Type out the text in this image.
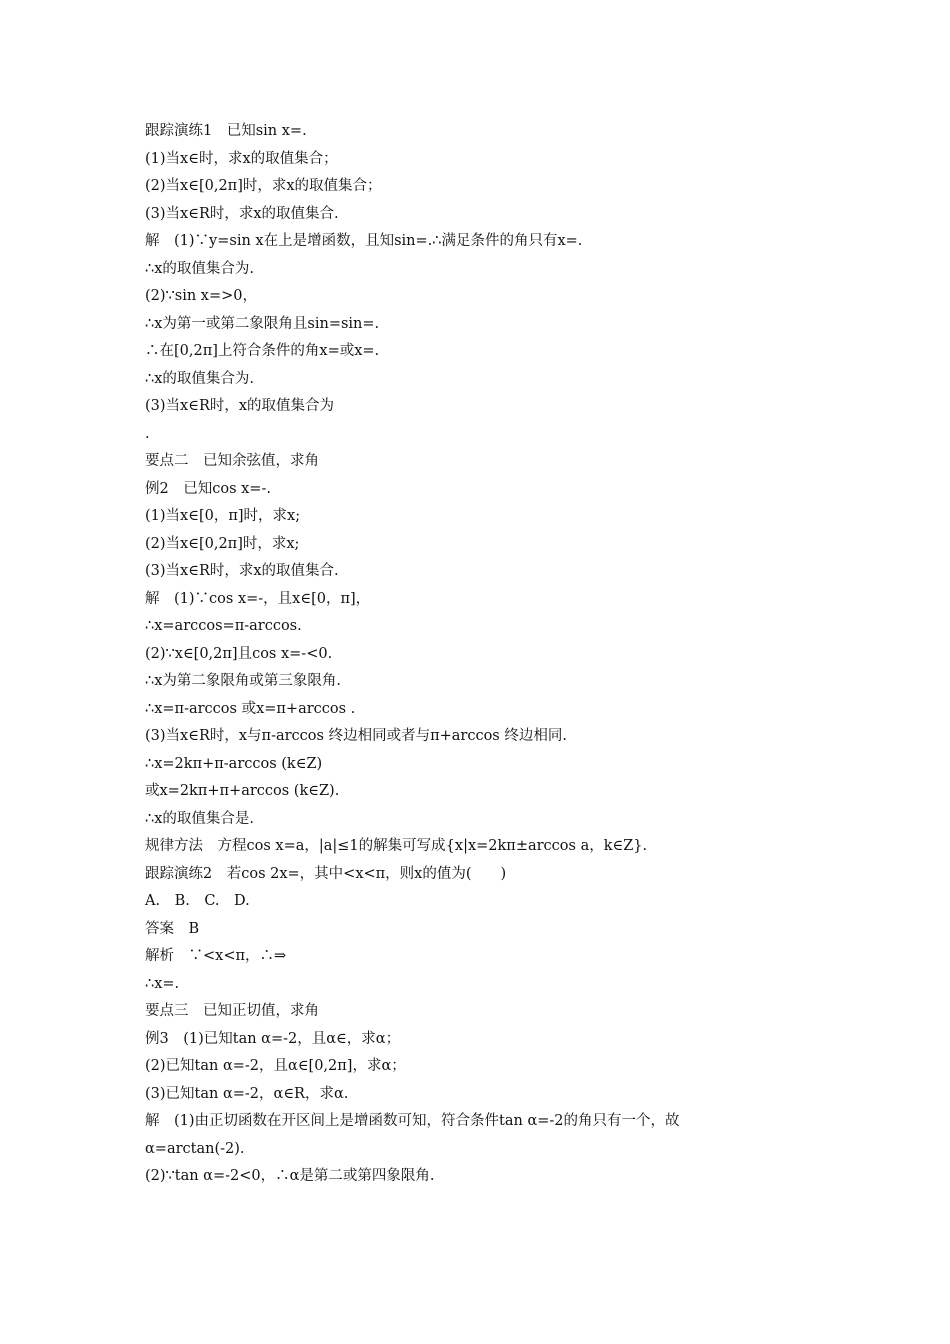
跟踪演练1　已知sin x=.
(1)当x∈时，求x的取值集合；
(2)当x∈[0,2π]时，求x的取值集合；
(3)当x∈R时，求x的取值集合.
解　(1)∵y=sin x在上是增函数，且知sin=.∴满足条件的角只有x=.
∴x的取值集合为.
(2)∵sin x=>0，
∴x为第一或第二象限角且sin=sin=.
∴在[0,2π]上符合条件的角x=或x=.
∴x的取值集合为.
(3)当x∈R时，x的取值集合为
.
要点二　已知余弦值，求角
例2　已知cos x=-.
(1)当x∈[0，π]时，求x;
(2)当x∈[0,2π]时，求x;
(3)当x∈R时，求x的取值集合.
解　(1)∵cos x=-，且x∈[0，π]，
∴x=arccos=π-arccos.
(2)∵x∈[0,2π]且cos x=-<0.
∴x为第二象限角或第三象限角.
∴x=π-arccos 或x=π+arccos .
(3)当x∈R时，x与π-arccos 终边相同或者与π+arccos 终边相同.
∴x=2kπ+π-arccos (k∈Z)
或x=2kπ+π+arccos (k∈Z).
∴x的取值集合是.
规律方法　方程cos x=a，|a|≤1的解集可写成{x|x=2kπ±arccos a，k∈Z}.
跟踪演练2　若cos 2x=，其中<x<π，则x的值为(　　)
A.　B.　C.　D.
答案　B
解析　∵<x<π，∴⇒
∴x=.
要点三　已知正切值，求角
例3　(1)已知tan α=-2，且α∈，求α；
(2)已知tan α=-2，且α∈[0,2π]，求α；
(3)已知tan α=-2，α∈R，求α.
解　(1)由正切函数在开区间上是增函数可知，符合条件tan α=-2的角只有一个，故
α=arctan(-2).
(2)∵tan α=-2<0，∴α是第二或第四象限角.
